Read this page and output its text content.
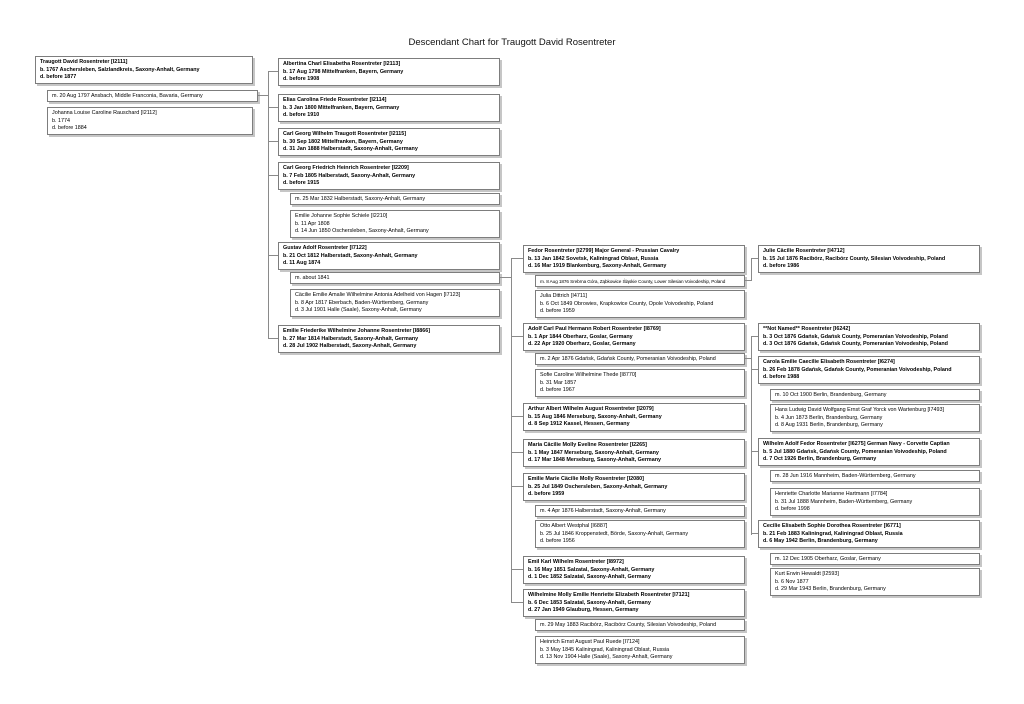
Descendant Chart for Traugott David Rosentreter
Traugott David Rosentreter [I2111]
b. 1767 Aschersleben, Salzlandkreis, Saxony-Anhalt, Germany
d. before 1877
m. 20 Aug 1797 Ansbach, Middle Franconia, Bavaria, Germany
Johanna Louise Caroline Rauschard [I2112]
b. 1774
d. before 1884
Albertina Charl Elisabetha Rosentreter [I2113]
b. 17 Aug 1798 Mittelfranken, Bayern, Germany
d. before 1908
Elias Carolina Friede Rosentreter [I2114]
b. 3 Jan 1800 Mittelfranken, Bayern, Germany
d. before 1910
Carl Georg Wilhelm Traugott Rosentreter [I2115]
b. 30 Sep 1802 Mittelfranken, Bayern, Germany
d. 31 Jan 1888 Halberstadt, Saxony-Anhalt, Germany
Carl Georg Friedrich Heinrich Rosentreter [I2209]
b. 7 Feb 1805 Halberstadt, Saxony-Anhalt, Germany
d. before 1915
m. 25 Mar 1832 Halberstadt, Saxony-Anhalt, Germany
Emilie Johanne Sophie Schiele [I2210]
b. 11 Apr 1808
d. 14 Jun 1850 Oschersleben, Saxony-Anhalt, Germany
Gustav Adolf Rosentreter [I7122]
b. 21 Oct 1812 Halberstadt, Saxony-Anhalt, Germany
d. 11 Aug 1874
m. about 1841
Cäcilie Emilie Amalie Wilhelmine Antonia Adelheid von Hagen [I7123]
b. 8 Apr 1817 Eberbach, Baden-Württemberg, Germany
d. 3 Jul 1901 Halle (Saale), Saxony-Anhalt, Germany
Emilie Friederike Wilhelmine Johanne Rosentreter [I8866]
b. 27 Mar 1814 Halberstadt, Saxony-Anhalt, Germany
d. 28 Jul 1902 Halberstadt, Saxony-Anhalt, Germany
Fedor Rosentreter [I2799] Major General - Prussian Cavalry
b. 13 Jan 1842 Sovetsk, Kaliningrad Oblast, Russia
d. 16 Mar 1919 Blankenburg, Saxony-Anhalt, Germany
m. 8 Aug 1876 Srebrna Góra, Ząbkowice Śląskie County, Lower Silesian Voivodeship, Poland
Julia Dittrich [I4711]
b. 6 Oct 1849 Obrowies, Krapkowice County, Opole Voivodeship, Poland
d. before 1959
Adolf Carl Paul Hermann Robert Rosentreter [I8769]
b. 1 Apr 1844 Oberharz, Goslar, Germany
d. 22 Apr 1920 Oberharz, Goslar, Germany
m. 2 Apr 1876 Gdańsk, Gdańsk County, Pomeranian Voivodeship, Poland
Sofie Caroline Wilhelmine Thede [I8770]
b. 31 Mar 1857
d. before 1967
Arthur Albert Wilhelm August Rosentreter [I2079]
b. 15 Aug 1846 Merseburg, Saxony-Anhalt, Germany
d. 8 Sep 1912 Kassel, Hessen, Germany
Maria Cäcilie Molly Eveline Rosentreter [I2265]
b. 1 May 1847 Merseburg, Saxony-Anhalt, Germany
d. 17 Mar 1848 Merseburg, Saxony-Anhalt, Germany
Emilie Marie Cäcilie Molly Rosentreter [I2080]
b. 25 Jul 1849 Oschersleben, Saxony-Anhalt, Germany
d. before 1959
m. 4 Apr 1876 Halberstadt, Saxony-Anhalt, Germany
Otto Albert Westphal [I6887]
b. 25 Jul 1846 Kroppenstedt, Börde, Saxony-Anhalt, Germany
d. before 1956
Emil Karl Wilhelm Rosentreter [I8972]
b. 16 May 1851 Salzatal, Saxony-Anhalt, Germany
d. 1 Dec 1852 Salzatal, Saxony-Anhalt, Germany
Wilhelmine Molly Emilie Henriette Elizabeth Rosentreter [I7121]
b. 6 Dec 1853 Salzatal, Saxony-Anhalt, Germany
d. 27 Jan 1949 Glauburg, Hessen, Germany
m. 29 May 1883 Racibórz, Racibórz County, Silesian Voivodeship, Poland
Heinrich Ernst August Paul Ruede [I7124]
b. 3 May 1845 Kaliningrad, Kaliningrad Oblast, Russia
d. 13 Nov 1904 Halle (Saale), Saxony-Anhalt, Germany
Julie Cäcilie Rosentreter [I4712]
b. 15 Jul 1876 Racibórz, Racibórz County, Silesian Voivodeship, Poland
d. before 1986
**Not Named** Rosentreter [I6242]
b. 3 Oct 1876 Gdańsk, Gdańsk County, Pomeranian Voivodeship, Poland
d. 3 Oct 1876 Gdańsk, Gdańsk County, Pomeranian Voivodeship, Poland
Carola Emilie Caecilie Elisabeth Rosentreter [I6274]
b. 26 Feb 1878 Gdańsk, Gdańsk County, Pomeranian Voivodeship, Poland
d. before 1988
m. 10 Oct 1900 Berlin, Brandenburg, Germany
Hans Ludwig David Wolfgang Ernst Graf Yorck von Wartenburg [I7493]
b. 4 Jun 1873 Berlin, Brandenburg, Germany
d. 8 Aug 1931 Berlin, Brandenburg, Germany
Wilhelm Adolf Fedor Rosentreter [I6275] German Navy - Corvette Captian
b. 5 Jul 1880 Gdańsk, Gdańsk County, Pomeranian Voivodeship, Poland
d. 7 Oct 1926 Berlin, Brandenburg, Germany
m. 28 Jun 1916 Mannheim, Baden-Württemberg, Germany
Henriette Charlotte Marianne Hartmann [I7784]
b. 31 Jul 1888 Mannheim, Baden-Württemberg, Germany
d. before 1998
Cecilie Elisabeth Sophie Dorothea Rosentreter [I6771]
b. 21 Feb 1883 Kaliningrad, Kaliningrad Oblast, Russia
d. 6 May 1942 Berlin, Brandenburg, Germany
m. 12 Dec 1905 Oberharz, Goslar, Germany
Kurt Erwin Hewaldt [I2593]
b. 6 Nov 1877
d. 29 Mar 1943 Berlin, Brandenburg, Germany
